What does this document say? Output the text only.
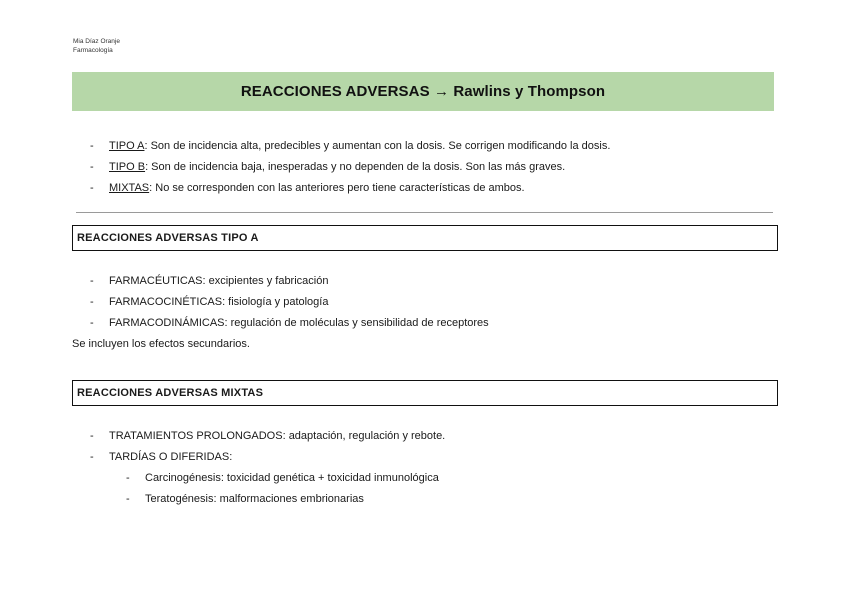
Mia Díaz Oranje
Farmacología
REACCIONES ADVERSAS → Rawlins y Thompson
- TIPO A: Son de incidencia alta, predecibles y aumentan con la dosis. Se corrigen modificando la dosis.
- TIPO B: Son de incidencia baja, inesperadas y no dependen de la dosis. Son las más graves.
- MIXTAS: No se corresponden con las anteriores pero tiene características de ambos.
REACCIONES ADVERSAS TIPO A
- FARMACÉUTICAS: excipientes y fabricación
- FARMACOCINÉTICAS: fisiología y patología
- FARMACODINÁMICAS: regulación de moléculas y sensibilidad de receptores
Se incluyen los efectos secundarios.
REACCIONES ADVERSAS MIXTAS
- TRATAMIENTOS PROLONGADOS: adaptación, regulación y rebote.
- TARDÍAS O DIFERIDAS:
- Carcinogénesis: toxicidad genética + toxicidad inmunológica
- Teratogénesis: malformaciones embrionarias
